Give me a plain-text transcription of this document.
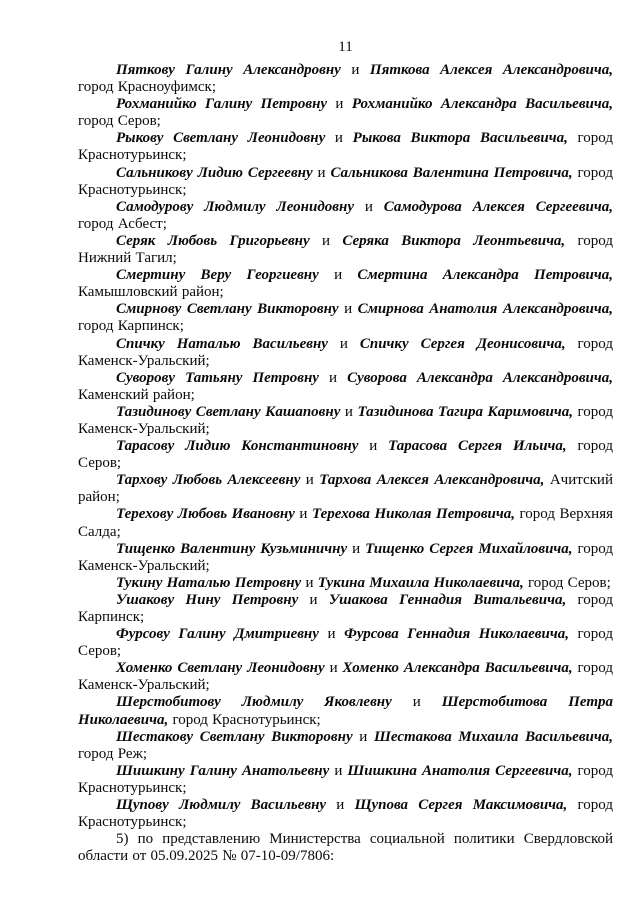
11

Пяткову Галину Александровну и Пяткова Алексея Александровича, город Красноуфимск;

Рохманийко Галину Петровну и Рохманийко Александра Васильевича, город Серов;

Рыкову Светлану Леонидовну и Рыкова Виктора Васильевича, город Краснотурьинск;

Сальникову Лидию Сергеевну и Сальникова Валентина Петровича, город Краснотурьинск;

Самодурову Людмилу Леонидовну и Самодурова Алексея Сергеевича, город Асбест;

Серяк Любовь Григорьевну и Серяка Виктора Леонтьевича, город Нижний Тагил;

Смертину Веру Георгиевну и Смертина Александра Петровича, Камышловский район;

Смирнову Светлану Викторовну и Смирнова Анатолия Александровича, город Карпинск;

Спичку Наталью Васильевну и Спичку Сергея Деонисовича, город Каменск-Уральский;

Суворову Татьяну Петровну и Суворова Александра Александровича, Каменский район;

Тазидинову Светлану Кашаповну и Тазидинова Тагира Каримовича, город Каменск-Уральский;

Тарасову Лидию Константиновну и Тарасова Сергея Ильича, город Серов;

Тархову Любовь Алексеевну и Тархова Алексея Александровича, Ачитский район;

Терехову Любовь Ивановну и Терехова Николая Петровича, город Верхняя Салда;

Тищенко Валентину Кузьминичну и Тищенко Сергея Михайловича, город Каменск-Уральский;

Тукину Наталью Петровну и Тукина Михаила Николаевича, город Серов;

Ушакову Нину Петровну и Ушакова Геннадия Витальевича, город Карпинск;

Фурсову Галину Дмитриевну и Фурсова Геннадия Николаевича, город Серов;

Хоменко Светлану Леонидовну и Хоменко Александра Васильевича, город Каменск-Уральский;

Шерстобитову Людмилу Яковлевну и Шерстобитова Петра Николаевича, город Краснотурьинск;

Шестакову Светлану Викторовну и Шестакова Михаила Васильевича, город Реж;

Шишкину Галину Анатольевну и Шишкина Анатолия Сергеевича, город Краснотурьинск;

Щупову Людмилу Васильевну и Щупова Сергея Максимовича, город Краснотурьинск;

5) по представлению Министерства социальной политики Свердловской области от 05.09.2025 № 07-10-09/7806:
